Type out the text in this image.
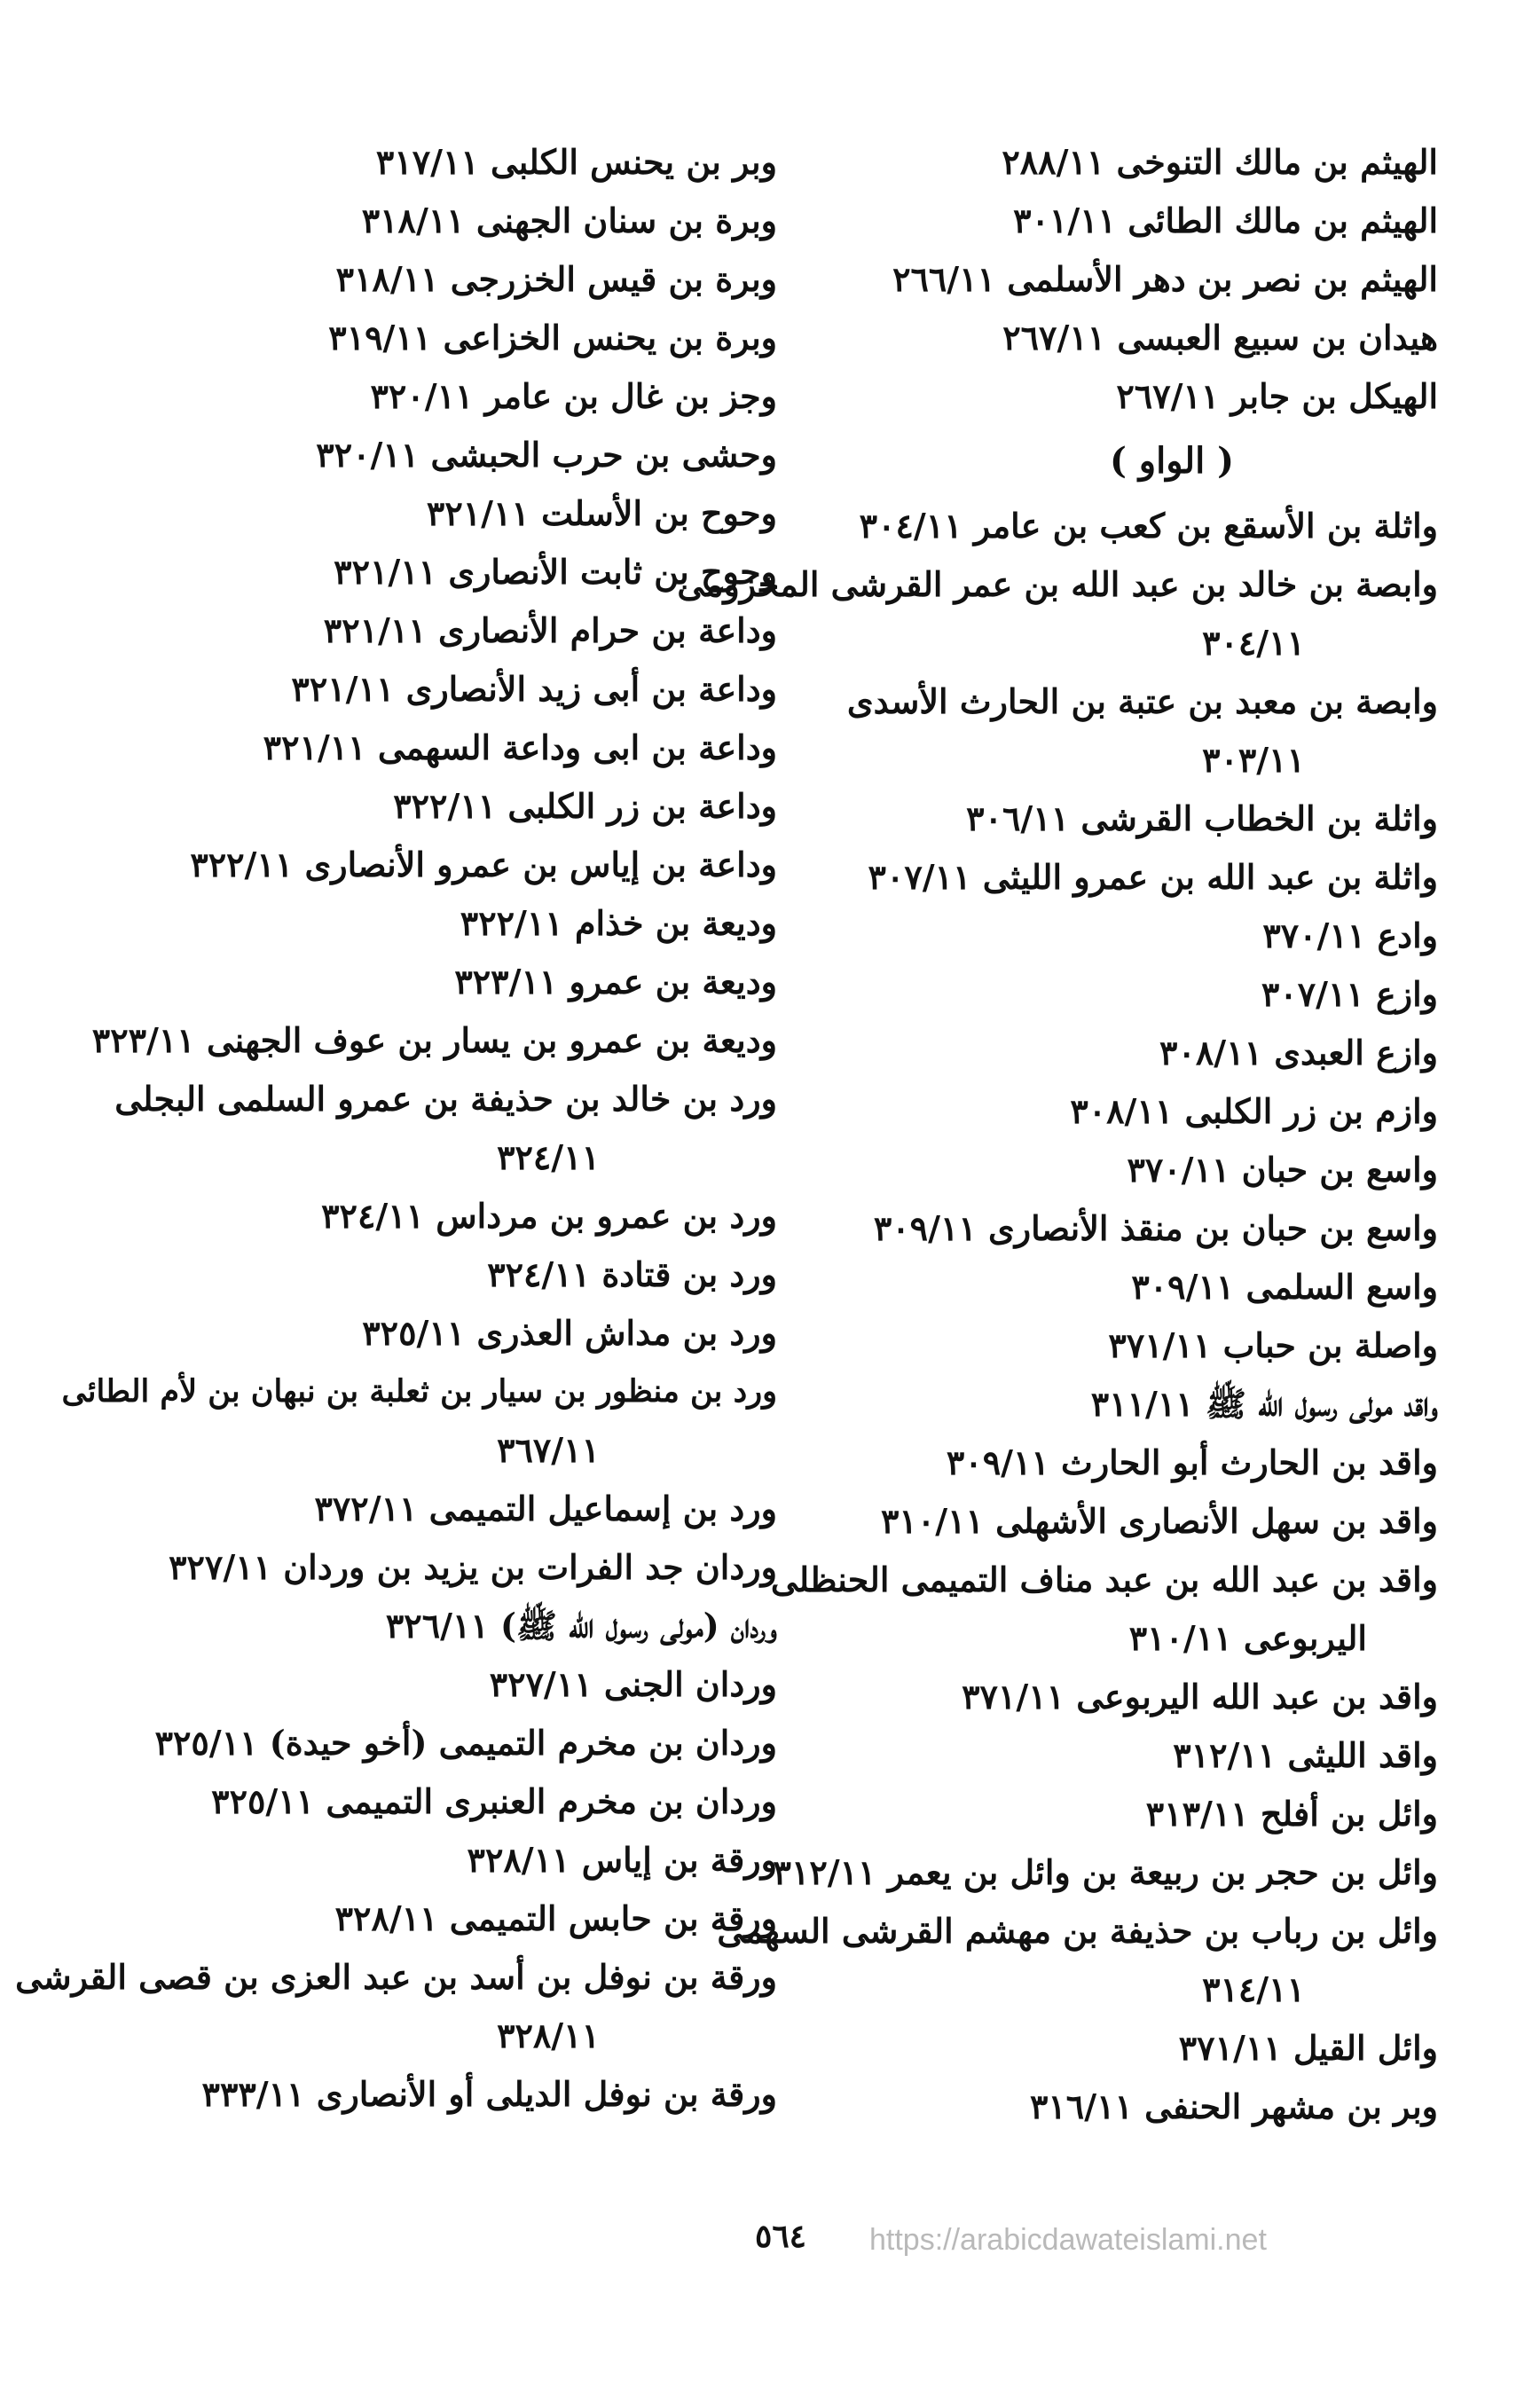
الهيثم بن مالك التنوخى ٢٨٨/١١
الهيثم بن مالك الطائى ٣٠١/١١
الهيثم بن نصر بن دهر الأسلمى ٢٦٦/١١
هيدان بن سبيع العبسى ٢٦٧/١١
الهيكل بن جابر ٢٦٧/١١
( الواو )
واثلة بن الأسقع بن كعب بن عامر ٣٠٤/١١
وابصة بن خالد بن عبد الله بن عمر القرشى المخزومى
٣٠٤/١١
وابصة بن معبد بن عتبة بن الحارث الأسدى
٣٠٣/١١
واثلة بن الخطاب القرشى ٣٠٦/١١
واثلة بن عبد الله بن عمرو الليثى ٣٠٧/١١
وادع ٣٧٠/١١
وازع ٣٠٧/١١
وازع العبدى ٣٠٨/١١
وازم بن زر الكلبى ٣٠٨/١١
واسع بن حبان ٣٧٠/١١
واسع بن حبان بن منقذ الأنصارى ٣٠٩/١١
واسع السلمى ٣٠٩/١١
واصلة بن حباب ٣٧١/١١
واقد مولى رسول الله ﷺ ٣١١/١١
واقد بن الحارث أبو الحارث ٣٠٩/١١
واقد بن سهل الأنصارى الأشهلى ٣١٠/١١
واقد بن عبد الله بن عبد مناف التميمى الحنظلى
اليربوعى ٣١٠/١١
واقد بن عبد الله اليربوعى ٣٧١/١١
واقد الليثى ٣١٢/١١
وائل بن أفلح ٣١٣/١١
وائل بن حجر بن ربيعة بن وائل بن يعمر ٣١٢/١١
وائل بن رباب بن حذيفة بن مهشم القرشى السهمى
٣١٤/١١
وائل القيل ٣٧١/١١
وبر بن مشهر الحنفى ٣١٦/١١
وبر بن يحنس الكلبى ٣١٧/١١
وبرة بن سنان الجهنى ٣١٨/١١
وبرة بن قيس الخزرجى ٣١٨/١١
وبرة بن يحنس الخزاعى ٣١٩/١١
وجز بن غال بن عامر ٣٢٠/١١
وحشى بن حرب الحبشى ٣٢٠/١١
وحوح بن الأسلت ٣٢١/١١
وحوح بن ثابت الأنصارى ٣٢١/١١
وداعة بن حرام الأنصارى ٣٢١/١١
وداعة بن أبى زيد الأنصارى ٣٢١/١١
وداعة بن ابى وداعة السهمى ٣٢١/١١
وداعة بن زر الكلبى ٣٢٢/١١
وداعة بن إياس بن عمرو الأنصارى ٣٢٢/١١
وديعة بن خذام ٣٢٢/١١
وديعة بن عمرو ٣٢٣/١١
وديعة بن عمرو بن يسار بن عوف الجهنى ٣٢٣/١١
ورد بن خالد بن حذيفة بن عمرو السلمى البجلى
٣٢٤/١١
ورد بن عمرو بن مرداس ٣٢٤/١١
ورد بن قتادة ٣٢٤/١١
ورد بن مداش العذرى ٣٢٥/١١
ورد بن منظور بن سيار بن ثعلبة بن نبهان بن لأم الطائى
٣٦٧/١١
ورد بن إسماعيل التميمى ٣٧٢/١١
وردان جد الفرات بن يزيد بن وردان ٣٢٧/١١
وردان (مولى رسول الله ﷺ) ٣٢٦/١١
وردان الجنى ٣٢٧/١١
وردان بن مخرم التميمى (أخو حيدة) ٣٢٥/١١
وردان بن مخرم العنبرى التميمى ٣٢٥/١١
ورقة بن إياس ٣٢٨/١١
ورقة بن حابس التميمى ٣٢٨/١١
ورقة بن نوفل بن أسد بن عبد العزى بن قصى القرشى
٣٢٨/١١
ورقة بن نوفل الديلى أو الأنصارى ٣٣٣/١١
٥٦٤	https://arabicdawateislami.net
